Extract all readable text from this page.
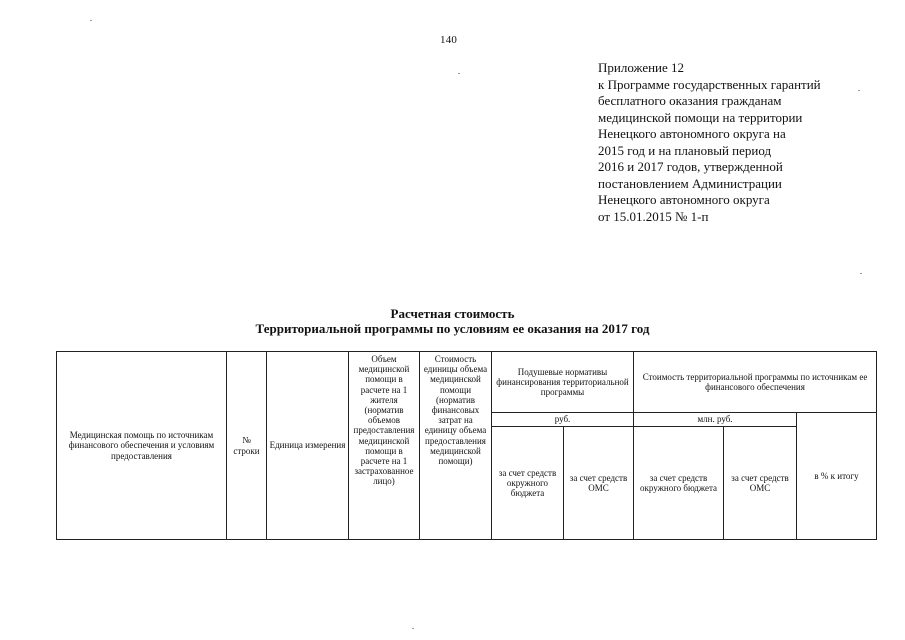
140
Приложение 12
к Программе государственных гарантий
бесплатного оказания гражданам
медицинской помощи на территории
Ненецкого автономного округа на
2015 год и на плановый период
2016 и 2017 годов, утвержденной
постановлением Администрации
Ненецкого автономного округа
от 15.01.2015 № 1-п
Расчетная стоимость
Территориальной программы по условиям ее оказания на 2017 год
Медицинская помощь по источникам финансового обеспечения и условиям предоставления	№ строки	Единица измерения	Объем медицинской помощи в расчете на 1 жителя (норматив объемов предоставления медицинской помощи в расчете на 1 застрахованное лицо)	Стоимость единицы объема медицинской помощи (норматив финансовых затрат на единицу объема предоставления медицинской помощи)	Подушевые нормативы финансирования территориальной программы		Стоимость территориальной программы по источникам ее финансового обеспечения		
					руб.		млн. руб.		в % к итогу
					за счет средств окружного бюджета	за счет средств ОМС	за счет средств окружного бюджета	за счет средств ОМС	
